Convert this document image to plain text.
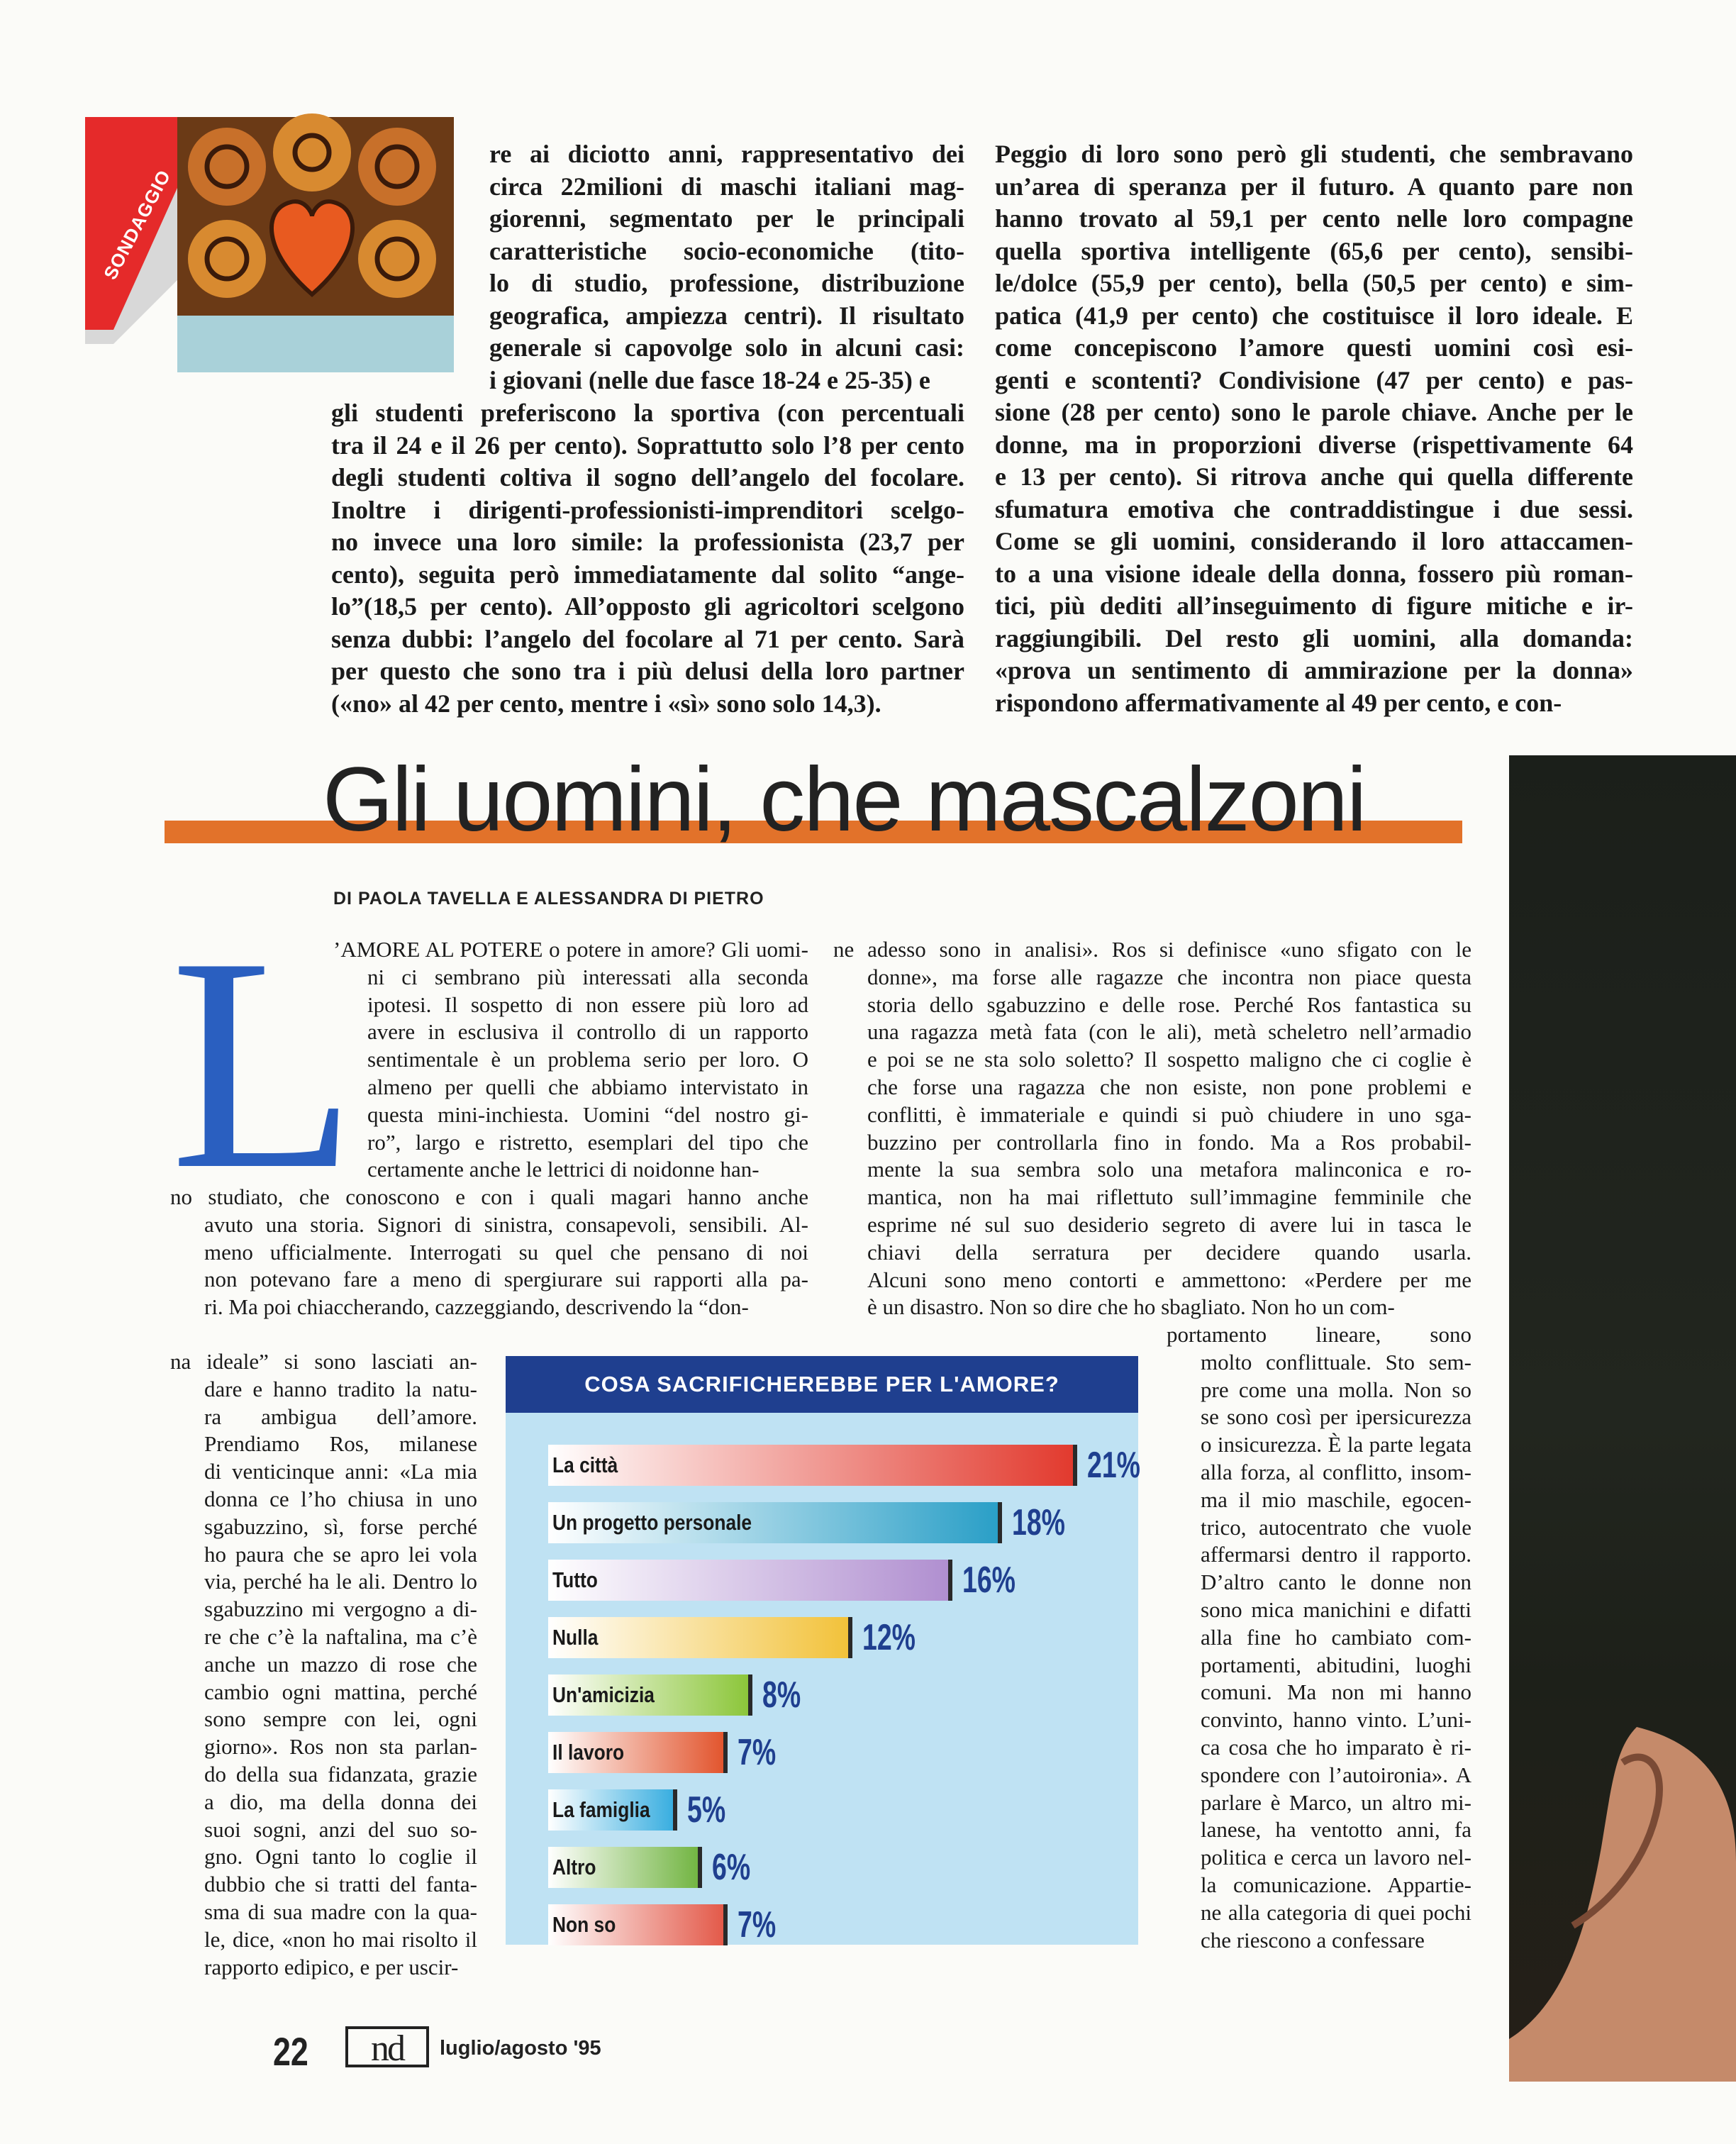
SONDAGGIO

re ai diciotto anni, rappresentativo dei

circa 22milioni di maschi italiani mag-

giorenni, segmentato per le principali

caratteristiche socio-economiche (tito-

lo di studio, professione, distribuzione

geografica, ampiezza centri). Il risultato

generale si capovolge solo in alcuni casi:

i giovani (nelle due fasce 18-24 e 25-35) e

gli studenti preferiscono la sportiva (con percentuali

tra il 24 e il 26 per cento). Soprattutto solo l’8 per cento

degli studenti coltiva il sogno dell’angelo del focolare.

Inoltre i dirigenti-professionisti-imprenditori scelgo-

no invece una loro simile: la professionista (23,7 per

cento), seguita però immediatamente dal solito “ange-

lo”(18,5 per cento). All’opposto gli agricoltori scelgono

senza dubbi: l’angelo del focolare al 71 per cento. Sarà

per questo che sono tra i più delusi della loro partner

(«no» al 42 per cento, mentre i «sì» sono solo 14,3).

Peggio di loro sono però gli studenti, che sembravano

un’area di speranza per il futuro. A quanto pare non

hanno trovato al 59,1 per cento nelle loro compagne

quella sportiva intelligente (65,6 per cento), sensibi-

le/dolce (55,9 per cento), bella (50,5 per cento) e sim-

patica (41,9 per cento) che costituisce il loro ideale. E

come concepiscono l’amore questi uomini così esi-

genti e scontenti? Condivisione (47 per cento) e pas-

sione (28 per cento) sono le parole chiave. Anche per le

donne, ma in proporzioni diverse (rispettivamente 64

e 13 per cento). Si ritrova anche qui quella differente

sfumatura emotiva che contraddistingue i due sessi.

Come se gli uomini, considerando il loro attaccamen-

to a una visione ideale della donna, fossero più roman-

tici, più dediti all’inseguimento di figure mitiche e ir-

raggiungibili. Del resto gli uomini, alla domanda:

«prova un sentimento di ammirazione per la donna»

rispondono affermativamente al 49 per cento, e con-

Gli uomini, che mascalzoni
DI PAOLA TAVELLA E ALESSANDRA DI PIETRO
L

’AMORE AL POTERE o potere in amore? Gli uomi-

ni ci sembrano più interessati alla seconda

ipotesi. Il sospetto di non essere più loro ad

avere in esclusiva il controllo di un rapporto

sentimentale è un problema serio per loro. O

almeno per quelli che abbiamo intervistato in

questa mini-inchiesta. Uomini “del nostro gi-

ro”, largo e ristretto, esemplari del tipo che

certamente anche le lettrici di noidonne han-

no studiato, che conoscono e con i quali magari hanno anche

avuto una storia. Signori di sinistra, consapevoli, sensibili. Al-

meno ufficialmente. Interrogati su quel che pensano di noi

non potevano fare a meno di spergiurare sui rapporti alla pa-

ri. Ma poi chiaccherando, cazzeggiando, descrivendo la “don-

na ideale” si sono lasciati an-

dare e hanno tradito la natu-

ra ambigua dell’amore.

Prendiamo Ros, milanese

di venticinque anni: «La mia

donna ce l’ho chiusa in uno

sgabuzzino, sì, forse perché

ho paura che se apro lei vola

via, perché ha le ali. Dentro lo

sgabuzzino mi vergogno a di-

re che c’è la naftalina, ma c’è

anche un mazzo di rose che

cambio ogni mattina, perché

sono sempre con lei, ogni

giorno». Ros non sta parlan-

do della sua fidanzata, grazie

a dio, ma della donna dei

suoi sogni, anzi del suo so-

gno. Ogni tanto lo coglie il

dubbio che si tratti del fanta-

sma di sua madre con la qua-

le, dice, «non ho mai risolto il

rapporto edipico, e per uscir-

ne adesso sono in analisi». Ros si definisce «uno sfigato con le

donne», ma forse alle ragazze che incontra non piace questa

storia dello sgabuzzino e delle rose. Perché Ros fantastica su

una ragazza metà fata (con le ali), metà scheletro nell’armadio

e poi se ne sta solo soletto? Il sospetto maligno che ci coglie è

che forse una ragazza che non esiste, non pone problemi e

conflitti, è immateriale e quindi si può chiudere in uno sga-

buzzino per controllarla fino in fondo. Ma a Ros probabil-

mente la sua sembra solo una metafora malinconica e ro-

mantica, non ha mai riflettuto sull’immagine femminile che

esprime né sul suo desiderio segreto di avere lui in tasca le

chiavi della serratura per decidere quando usarla.

Alcuni sono meno contorti e ammettono: «Perdere per me

è un disastro. Non so dire che ho sbagliato. Non ho un com-

portamento lineare, sono

molto conflittuale. Sto sem-

pre come una molla. Non so

se sono così per ipersicurezza

o insicurezza. È la parte legata

alla forza, al conflitto, insom-

ma il mio maschile, egocen-

trico, autocentrato che vuole

affermarsi dentro il rapporto.

D’altro canto le donne non

sono mica manichini e difatti

alla fine ho cambiato com-

portamenti, abitudini, luoghi

comuni. Ma non mi hanno

convinto, hanno vinto. L’uni-

ca cosa che ho imparato è ri-

spondere con l’autoironia». A

parlare è Marco, un altro mi-

lanese, ha ventotto anni, fa

politica e cerca un lavoro nel-

la comunicazione. Appartie-

ne alla categoria di quei pochi

che riescono a confessare

COSA SACRIFICHEREBBE PER L'AMORE?
La città	21%
Un progetto personale	18%
Tutto	16%
Nulla	12%
Un'amicizia	8%
Il lavoro	7%
La famiglia 5%
Altro	6%
Non so	7%
22	nd	luglio/agosto '95
